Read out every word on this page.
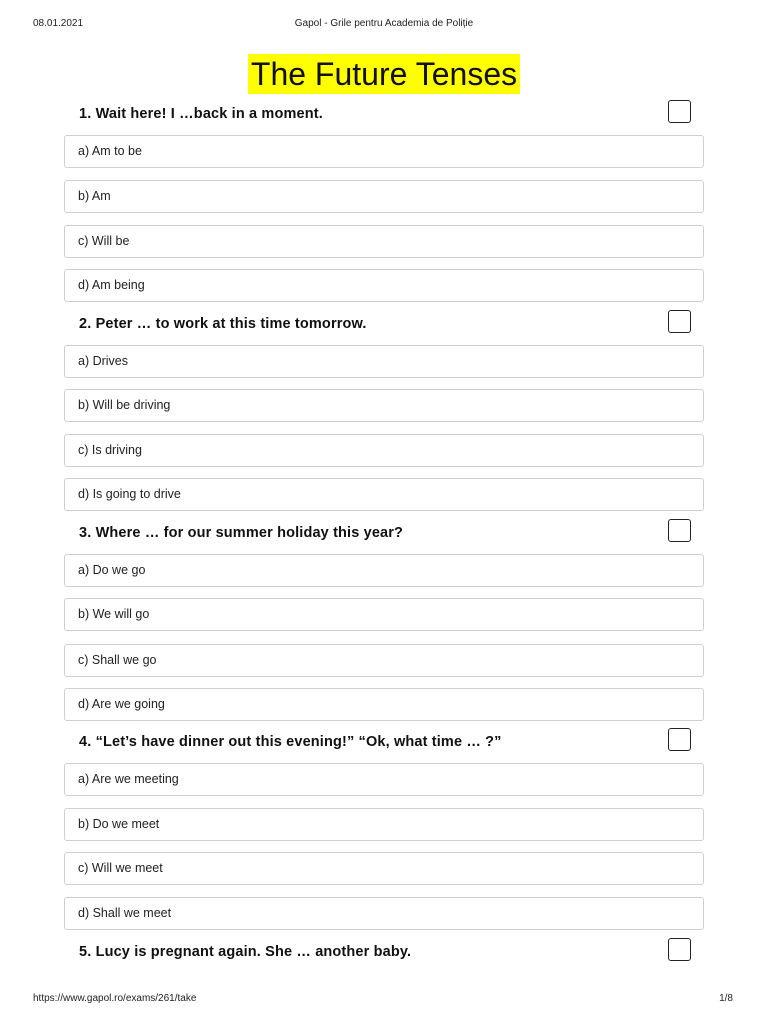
08.01.2021	Gapol - Grile pentru Academia de Poliție
The Future Tenses
1. Wait here! I …back in a moment.
a) Am to be
b) Am
c) Will be
d) Am being
2. Peter … to work at this time tomorrow.
a) Drives
b) Will be driving
c) Is driving
d) Is going to drive
3. Where … for our summer holiday this year?
a) Do we go
b) We will go
c) Shall we go
d) Are we going
4. “Let’s have dinner out this evening!” “Ok, what time … ?”
a) Are we meeting
b) Do we meet
c) Will we meet
d) Shall we meet
5. Lucy is pregnant again. She … another baby.
https://www.gapol.ro/exams/261/take	1/8
